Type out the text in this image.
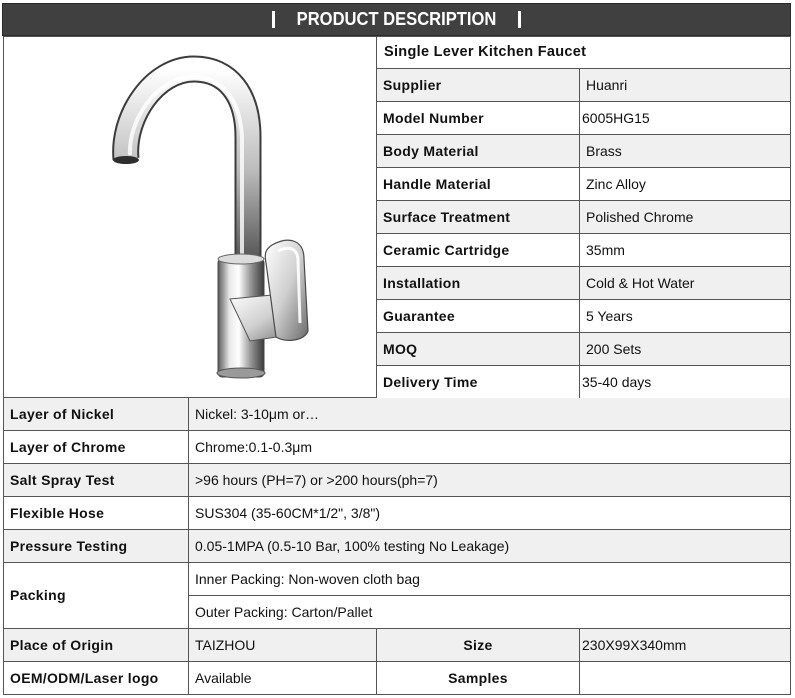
PRODUCT DESCRIPTION
Single Lever Kitchen Faucet
Supplier	Huanri
Model Number	6005HG15
Body Material	Brass
Handle Material	Zinc Alloy
Surface Treatment	Polished Chrome
Ceramic Cartridge	35mm
Installation	Cold & Hot Water
Guarantee	5 Years
MOQ	200 Sets
Delivery Time	35-40 days
Layer of Nickel	Nickel: 3-10μm or…
Layer of Chrome	Chrome:0.1-0.3μm
Salt Spray Test	>96 hours (PH=7) or >200 hours(ph=7)
Flexible Hose	SUS304 (35-60CM*1/2", 3/8")
Pressure Testing	0.05-1MPA (0.5-10 Bar, 100% testing No Leakage)
Packing
Inner Packing: Non-woven cloth bag
Outer Packing: Carton/Pallet
Place of Origin	TAIZHOU	Size	230X99X340mm
OEM/ODM/Laser logo	Available	Samples
